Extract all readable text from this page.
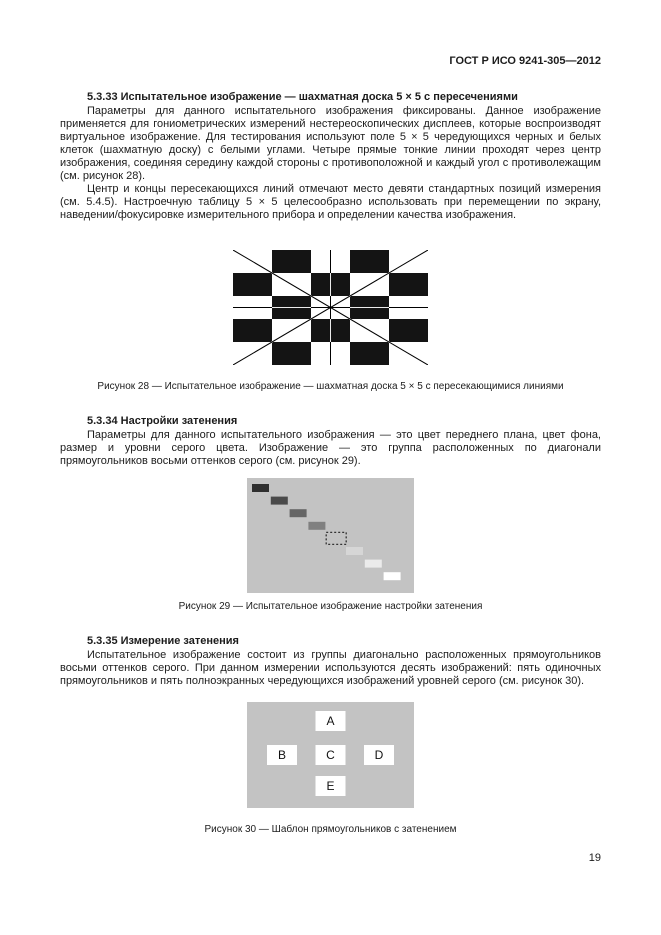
ГОСТ Р ИСО 9241-305—2012
5.3.33 Испытательное изображение — шахматная доска 5 × 5 с пересечениями

Параметры для данного испытательного изображения фиксированы. Данное изображение применяется для гониометрических измерений нестереоскопических дисплеев, которые воспроизводят виртуальное изображение. Для тестирования используют поле 5 × 5 чередующихся черных и белых клеток (шахматную доску) с белыми углами. Четыре прямые тонкие линии проходят через центр изображения, соединяя середину каждой стороны с противоположной и каждый угол с противолежащим (см. рисунок 28).

Центр и концы пересекающихся линий отмечают место девяти стандартных позиций измерения (см. 5.4.5). Настроечную таблицу 5 × 5 целесообразно использовать при перемещении по экрану, наведении/фокусировке измерительного прибора и определении качества изображения.

Рисунок 28 — Испытательное изображение — шахматная доска 5 × 5 с пересекающимися линиями
5.3.34 Настройки затенения

Параметры для данного испытательного изображения — это цвет переднего плана, цвет фона, размер и уровни серого цвета. Изображение — это группа расположенных по диагонали прямоугольников восьми оттенков серого (см. рисунок 29).

Рисунок 29 — Испытательное изображение настройки затенения
5.3.35 Измерение затенения

Испытательное изображение состоит из группы диагонально расположенных прямоугольников восьми оттенков серого. При данном измерении используются десять изображений: пять одиночных прямоугольников и пять полноэкранных чередующихся изображений уровней серого (см. рисунок 30).

A
B	C	D
E
Рисунок 30 — Шаблон прямоугольников с затенением
19
